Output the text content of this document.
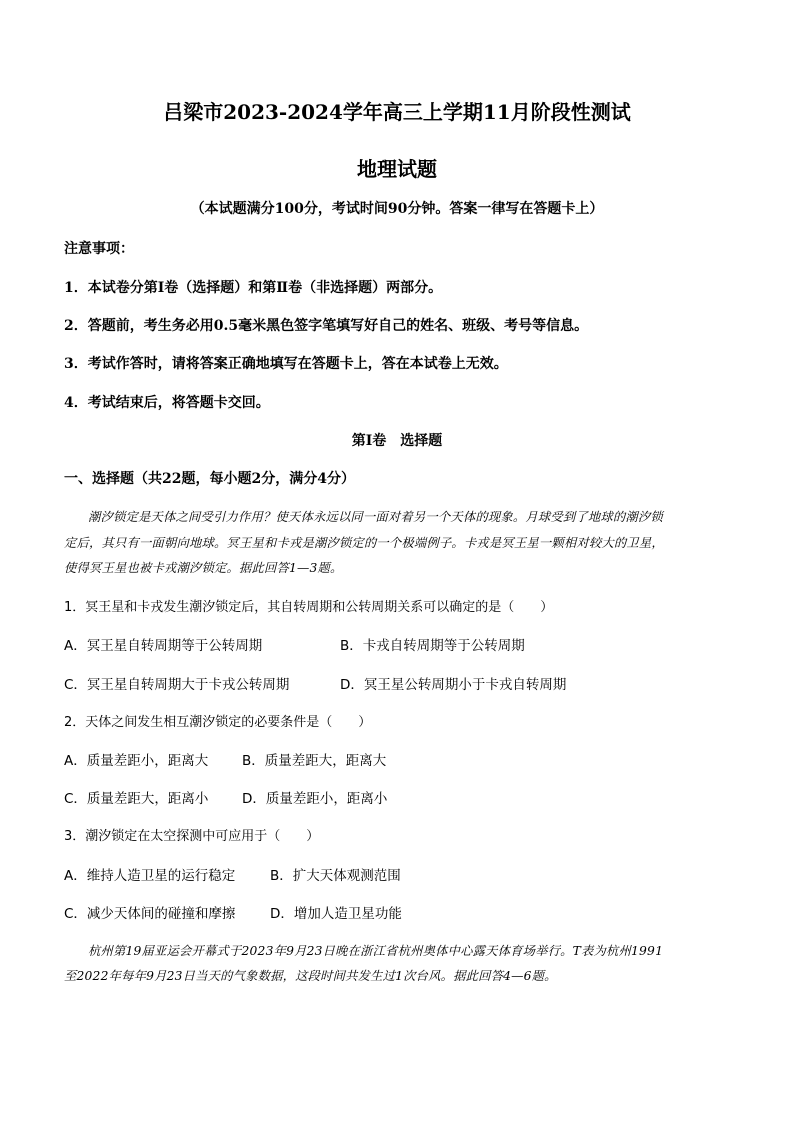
吕梁市2023-2024学年高三上学期11月阶段性测试
地理试题
（本试题满分100分，考试时间90分钟。答案一律写在答题卡上）
注意事项：
1．本试卷分第Ⅰ卷（选择题）和第Ⅱ卷（非选择题）两部分。
2．答题前，考生务必用0.5毫米黑色签字笔填写好自己的姓名、班级、考号等信息。
3．考试作答时，请将答案正确地填写在答题卡上，答在本试卷上无效。
4．考试结束后，将答题卡交回。
第Ⅰ卷　选择题
一、选择题（共22题，每小题2分，满分4分）
潮汐锁定是天体之间受引力作用？使天体永远以同一面对着另一个天体的现象。月球受到了地球的潮汐锁
定后，其只有一面朝向地球。冥王星和卡戎是潮汐锁定的一个极端例子。卡戎是冥王星一颗相对较大的卫星，
使得冥王星也被卡戎潮汐锁定。据此回答1—3题。
1．冥王星和卡戎发生潮汐锁定后，其自转周期和公转周期关系可以确定的是（　　）
A．冥王星自转周期等于公转周期	B．卡戎自转周期等于公转周期
C．冥王星自转周期大于卡戎公转周期	D．冥王星公转周期小于卡戎自转周期
2．天体之间发生相互潮汐锁定的必要条件是（　　）
A．质量差距小，距离大	B．质量差距大，距离大
C．质量差距大，距离小 D．质量差距小，距离小
3．潮汐锁定在太空探测中可应用于（　　）
A．维持人造卫星的运行稳定	B．扩大天体观测范围
C．减少天体间的碰撞和摩擦	D．增加人造卫星功能
杭州第19届亚运会开幕式于2023年9月23日晚在浙江省杭州奥体中心露天体育场举行。T表为杭州1991
至2022年每年9月23日当天的气象数据，这段时间共发生过1次台风。据此回答4—6题。
